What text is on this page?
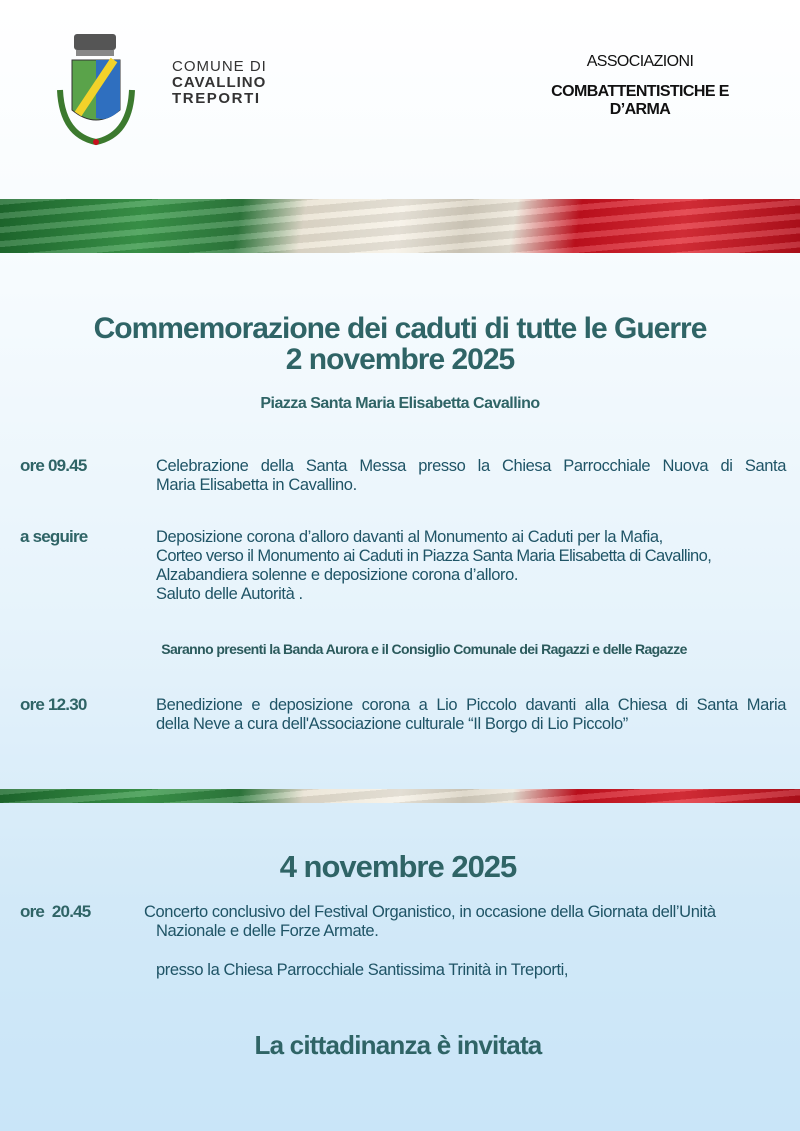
COMUNE DI
CAVALLINO
TREPORTI
ASSOCIAZIONI
COMBATTENTISTICHE E
D’ARMA
Commemorazione dei caduti di tutte le Guerre
2 novembre 2025
Piazza Santa Maria Elisabetta Cavallino
ore 09.45	Celebrazione della Santa Messa presso la Chiesa Parrocchiale Nuova di Santa
Maria Elisabetta in Cavallino.
a seguire	Deposizione corona d’alloro davanti al Monumento ai Caduti per la Mafia,
Corteo verso il Monumento ai Caduti in Piazza Santa Maria Elisabetta di Cavallino,
Alzabandiera solenne e deposizione corona d’alloro.
Saluto delle Autorità .
Saranno presenti la Banda Aurora e il Consiglio Comunale dei Ragazzi e delle Ragazze
ore 12.30	Benedizione e deposizione corona a Lio Piccolo davanti alla Chiesa di Santa Maria
della Neve a cura dell'Associazione culturale “Il Borgo di Lio Piccolo”
4 novembre 2025
ore  20.45	Concerto conclusivo del Festival Organistico, in occasione della Giornata dell’Unità
Nazionale e delle Forze Armate.
presso la Chiesa Parrocchiale Santissima Trinità in Treporti,
La cittadinanza è invitata
